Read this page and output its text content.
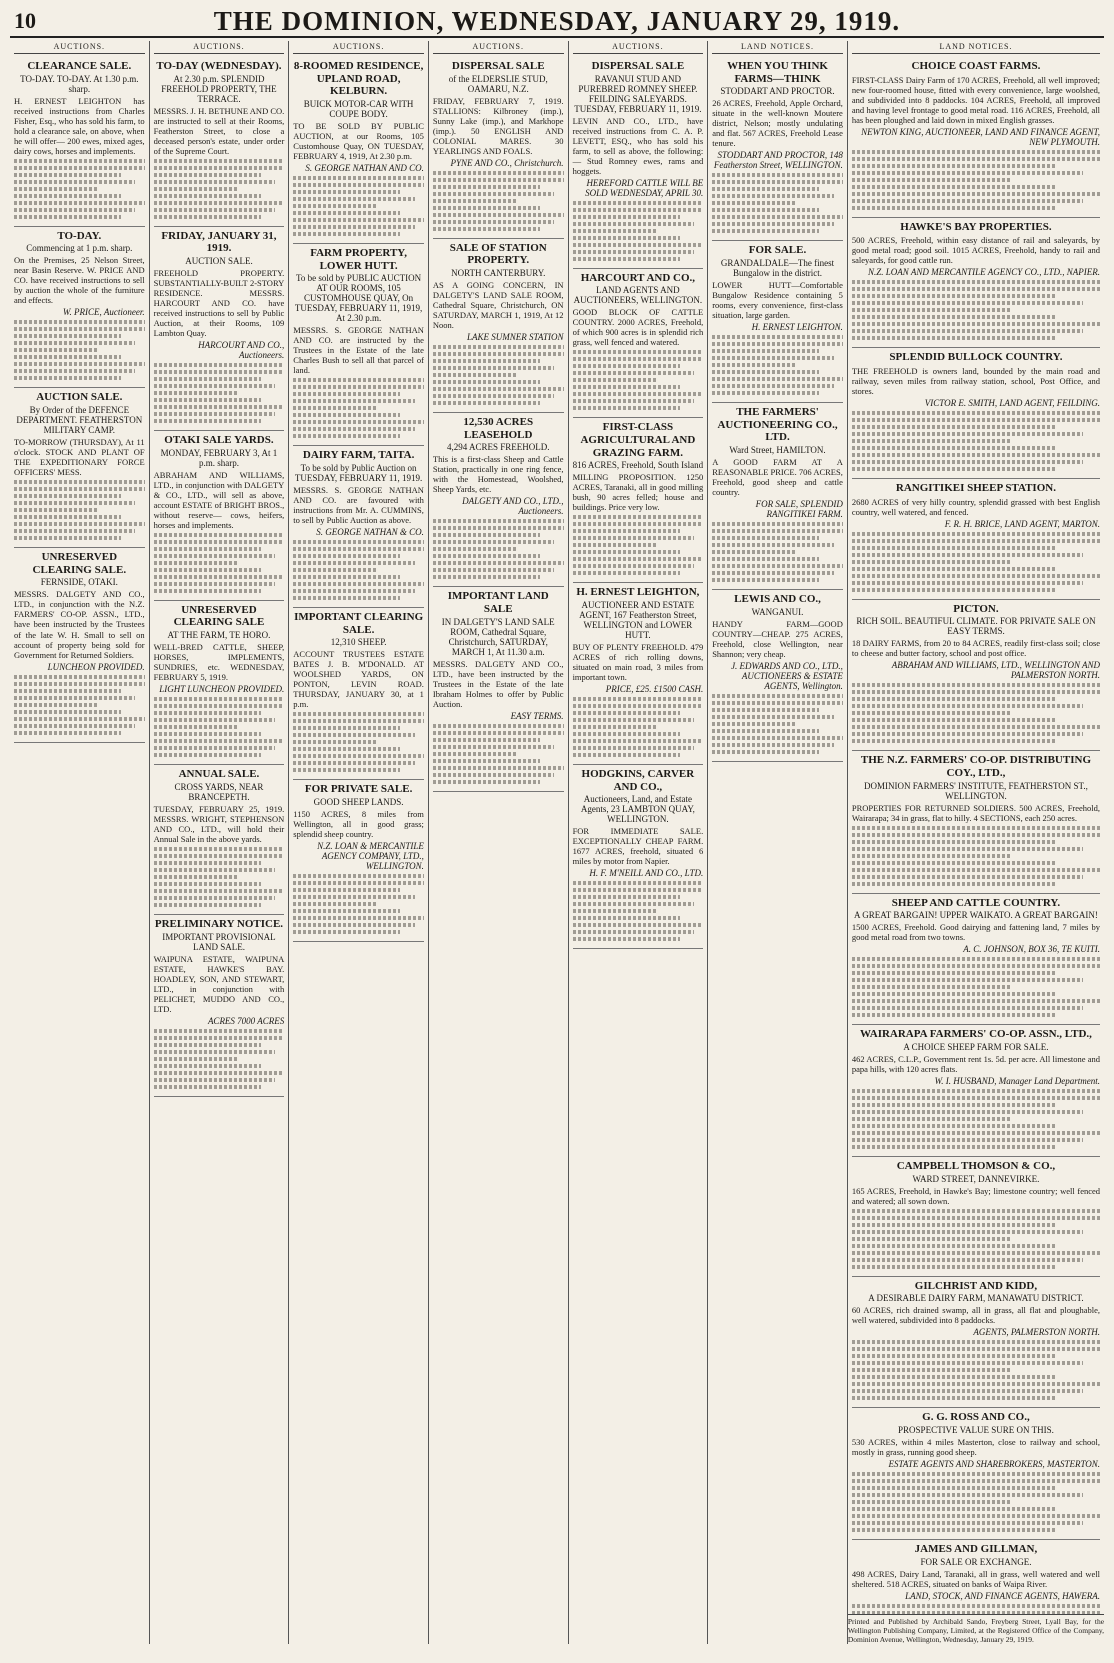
10	THE DOMINION, WEDNESDAY, JANUARY 29, 1919.
AUCTIONS.
CLEARANCE SALE.
TO-DAY. TO-DAY. At 1.30 p.m. sharp.
H. ERNEST LEIGHTON has received instructions from Charles Fisher, Esq., who has sold his farm, to hold a clearance sale, on above, when he will offer— 200 ewes, mixed ages, dairy cows, horses and implements.
TO-DAY.
Commencing at 1 p.m. sharp.
On the Premises, 25 Nelson Street, near Basin Reserve. W. PRICE AND CO. have received instructions to sell by auction the whole of the furniture and effects.
W. PRICE, Auctioneer.
AUCTION SALE.
By Order of the DEFENCE DEPARTMENT. FEATHERSTON MILITARY CAMP.
TO-MORROW (THURSDAY), At 11 o'clock. STOCK AND PLANT OF THE EXPEDITIONARY FORCE OFFICERS' MESS.
UNRESERVED CLEARING SALE.
FERNSIDE, OTAKI.
MESSRS. DALGETY AND CO., LTD., in conjunction with the N.Z. FARMERS' CO-OP. ASSN., LTD., have been instructed by the Trustees of the late W. H. Small to sell on account of property being sold for Government for Returned Soldiers.
LUNCHEON PROVIDED.
AUCTIONS.
TO-DAY (WEDNESDAY).
At 2.30 p.m. SPLENDID FREEHOLD PROPERTY, THE TERRACE.
MESSRS. J. H. BETHUNE AND CO. are instructed to sell at their Rooms, Featherston Street, to close a deceased person's estate, under order of the Supreme Court.
FRIDAY, JANUARY 31, 1919.
AUCTION SALE.
FREEHOLD PROPERTY. SUBSTANTIALLY-BUILT 2-STORY RESIDENCE. MESSRS. HARCOURT AND CO. have received instructions to sell by Public Auction, at their Rooms, 109 Lambton Quay.
HARCOURT AND CO., Auctioneers.
OTAKI SALE YARDS.
MONDAY, FEBRUARY 3, At 1 p.m. sharp.
ABRAHAM AND WILLIAMS, LTD., in conjunction with DALGETY & CO., LTD., will sell as above, account ESTATE of BRIGHT BROS., without reserve— cows, heifers, horses and implements.
UNRESERVED CLEARING SALE
AT THE FARM, TE HORO.
WELL-BRED CATTLE, SHEEP, HORSES, IMPLEMENTS, SUNDRIES, etc. WEDNESDAY, FEBRUARY 5, 1919.
LIGHT LUNCHEON PROVIDED.
ANNUAL SALE.
CROSS YARDS, NEAR BRANCEPETH.
TUESDAY, FEBRUARY 25, 1919. MESSRS. WRIGHT, STEPHENSON AND CO., LTD., will hold their Annual Sale in the above yards.
PRELIMINARY NOTICE.
IMPORTANT PROVISIONAL LAND SALE.
WAIPUNA ESTATE, WAIPUNA ESTATE, HAWKE'S BAY. HOADLEY, SON, AND STEWART, LTD., in conjunction with PELICHET, MUDDO AND CO., LTD.
ACRES 7000 ACRES
AUCTIONS.
8-ROOMED RESIDENCE, UPLAND ROAD, KELBURN.
BUICK MOTOR-CAR WITH COUPE BODY.
TO BE SOLD BY PUBLIC AUCTION, at our Rooms, 105 Customhouse Quay, ON TUESDAY, FEBRUARY 4, 1919, At 2.30 p.m.
S. GEORGE NATHAN AND CO.
FARM PROPERTY, LOWER HUTT.
To be sold by PUBLIC AUCTION AT OUR ROOMS, 105 CUSTOMHOUSE QUAY, On TUESDAY, FEBRUARY 11, 1919, At 2.30 p.m.
MESSRS. S. GEORGE NATHAN AND CO. are instructed by the Trustees in the Estate of the late Charles Bush to sell all that parcel of land.
DAIRY FARM, TAITA.
To be sold by Public Auction on TUESDAY, FEBRUARY 11, 1919.
MESSRS. S. GEORGE NATHAN AND CO. are favoured with instructions from Mr. A. CUMMINS, to sell by Public Auction as above.
S. GEORGE NATHAN & CO.
IMPORTANT CLEARING SALE.
12,310 SHEEP.
ACCOUNT TRUSTEES ESTATE BATES J. B. M'DONALD. AT WOOLSHED YARDS, ON PONTON, LEVIN ROAD. THURSDAY, JANUARY 30, at 1 p.m.
FOR PRIVATE SALE.
GOOD SHEEP LANDS.
1150 ACRES, 8 miles from Wellington, all in good grass; splendid sheep country.
N.Z. LOAN & MERCANTILE AGENCY COMPANY, LTD., WELLINGTON.
AUCTIONS.
DISPERSAL SALE
of the ELDERSLIE STUD, OAMARU, N.Z.
FRIDAY, FEBRUARY 7, 1919. STALLIONS: Kilbroney (imp.), Sunny Lake (imp.), and Markhope (imp.). 50 ENGLISH AND COLONIAL MARES. 30 YEARLINGS AND FOALS.
PYNE AND CO., Christchurch.
SALE OF STATION PROPERTY.
NORTH CANTERBURY.
AS A GOING CONCERN, IN DALGETY'S LAND SALE ROOM, Cathedral Square, Christchurch, ON SATURDAY, MARCH 1, 1919, At 12 Noon.
LAKE SUMNER STATION
12,530 ACRES LEASEHOLD
4,294 ACRES FREEHOLD.
This is a first-class Sheep and Cattle Station, practically in one ring fence, with the Homestead, Woolshed, Sheep Yards, etc.
DALGETY AND CO., LTD., Auctioneers.
IMPORTANT LAND SALE
IN DALGETY'S LAND SALE ROOM, Cathedral Square, Christchurch, SATURDAY, MARCH 1, At 11.30 a.m.
MESSRS. DALGETY AND CO., LTD., have been instructed by the Trustees in the Estate of the late Ibraham Holmes to offer by Public Auction.
EASY TERMS.
AUCTIONS.
DISPERSAL SALE
RAVANUI STUD AND PUREBRED ROMNEY SHEEP. FEILDING SALEYARDS. TUESDAY, FEBRUARY 11, 1919.
LEVIN AND CO., LTD., have received instructions from C. A. P. LEVETT, ESQ., who has sold his farm, to sell as above, the following:— Stud Romney ewes, rams and hoggets.
HEREFORD CATTLE WILL BE SOLD WEDNESDAY, APRIL 30.
HARCOURT AND CO.,
LAND AGENTS AND AUCTIONEERS, WELLINGTON.
GOOD BLOCK OF CATTLE COUNTRY. 2000 ACRES, Freehold, of which 900 acres is in splendid rich grass, well fenced and watered.
FIRST-CLASS AGRICULTURAL AND GRAZING FARM.
816 ACRES, Freehold, South Island
MILLING PROPOSITION. 1250 ACRES, Taranaki, all in good milling bush, 90 acres felled; house and buildings. Price very low.
H. ERNEST LEIGHTON,
AUCTIONEER AND ESTATE AGENT, 167 Featherston Street, WELLINGTON and LOWER HUTT.
BUY OF PLENTY FREEHOLD. 479 ACRES of rich rolling downs, situated on main road, 3 miles from important town.
PRICE, £25. £1500 CASH.
HODGKINS, CARVER AND CO.,
Auctioneers, Land, and Estate Agents, 23 LAMBTON QUAY, WELLINGTON.
FOR IMMEDIATE SALE. EXCEPTIONALLY CHEAP FARM. 1677 ACRES, freehold, situated 6 miles by motor from Napier.
H. F. M'NEILL AND CO., LTD.
LAND NOTICES.
WHEN YOU THINK FARMS—THINK
STODDART AND PROCTOR.
26 ACRES, Freehold, Apple Orchard, situate in the well-known Moutere district, Nelson; mostly undulating and flat. 567 ACRES, Freehold Lease tenure.
STODDART AND PROCTOR, 148 Featherston Street, WELLINGTON.
FOR SALE.
GRANDALDALE—The finest Bungalow in the district.
LOWER HUTT—Comfortable Bungalow Residence containing 5 rooms, every convenience, first-class situation, large garden.
H. ERNEST LEIGHTON.
THE FARMERS' AUCTIONEERING CO., LTD.
Ward Street, HAMILTON.
A GOOD FARM AT A REASONABLE PRICE. 706 ACRES, Freehold, good sheep and cattle country.
FOR SALE, SPLENDID RANGITIKEI FARM.
LEWIS AND CO.,
WANGANUI.
HANDY FARM—GOOD COUNTRY—CHEAP. 275 ACRES, Freehold, close Wellington, near Shannon; very cheap.
J. EDWARDS AND CO., LTD., AUCTIONEERS & ESTATE AGENTS, Wellington.
LAND NOTICES.
CHOICE COAST FARMS.
FIRST-CLASS Dairy Farm of 170 ACRES, Freehold, all well improved; new four-roomed house, fitted with every convenience, large woolshed, and subdivided into 8 paddocks. 104 ACRES, Freehold, all improved and having level frontage to good metal road. 116 ACRES, Freehold, all has been ploughed and laid down in mixed English grasses.
NEWTON KING, AUCTIONEER, LAND AND FINANCE AGENT, NEW PLYMOUTH.
HAWKE'S BAY PROPERTIES.
500 ACRES, Freehold, within easy distance of rail and saleyards, by good metal road; good soil. 1015 ACRES, Freehold, handy to rail and saleyards, for good cattle run.
N.Z. LOAN AND MERCANTILE AGENCY CO., LTD., NAPIER.
SPLENDID BULLOCK COUNTRY.
THE FREEHOLD is owners land, bounded by the main road and railway, seven miles from railway station, school, Post Office, and stores.
VICTOR E. SMITH, LAND AGENT, FEILDING.
RANGITIKEI SHEEP STATION.
2680 ACRES of very hilly country, splendid grassed with best English country, well watered, and fenced.
F. R. H. BRICE, LAND AGENT, MARTON.
PICTON.
RICH SOIL. BEAUTIFUL CLIMATE. FOR PRIVATE SALE ON EASY TERMS.
18 DAIRY FARMS, from 20 to 84 ACRES, readily first-class soil; close to cheese and butter factory, school and post office.
ABRAHAM AND WILLIAMS, LTD., WELLINGTON AND PALMERSTON NORTH.
THE N.Z. FARMERS' CO-OP. DISTRIBUTING COY., LTD.,
DOMINION FARMERS' INSTITUTE, FEATHERSTON ST., WELLINGTON.
PROPERTIES FOR RETURNED SOLDIERS. 500 ACRES, Freehold, Wairarapa; 34 in grass, flat to hilly. 4 SECTIONS, each 250 acres.
SHEEP AND CATTLE COUNTRY.
A GREAT BARGAIN! UPPER WAIKATO. A GREAT BARGAIN!
1500 ACRES, Freehold. Good dairying and fattening land, 7 miles by good metal road from two towns.
A. C. JOHNSON, BOX 36, TE KUITI.
WAIRARAPA FARMERS' CO-OP. ASSN., LTD.,
A CHOICE SHEEP FARM FOR SALE.
462 ACRES, C.L.P., Government rent 1s. 5d. per acre. All limestone and papa hills, with 120 acres flats.
W. I. HUSBAND, Manager Land Department.
CAMPBELL THOMSON & CO.,
WARD STREET, DANNEVIRKE.
165 ACRES, Freehold, in Hawke's Bay; limestone country; well fenced and watered; all sown down.
GILCHRIST AND KIDD,
A DESIRABLE DAIRY FARM, MANAWATU DISTRICT.
60 ACRES, rich drained swamp, all in grass, all flat and ploughable, well watered, subdivided into 8 paddocks.
AGENTS, PALMERSTON NORTH.
G. G. ROSS AND CO.,
PROSPECTIVE VALUE SURE ON THIS.
530 ACRES, within 4 miles Masterton, close to railway and school, mostly in grass, running good sheep.
ESTATE AGENTS AND SHAREBROKERS, MASTERTON.
JAMES AND GILLMAN,
FOR SALE OR EXCHANGE.
498 ACRES, Dairy Land, Taranaki, all in grass, well watered and well sheltered. 518 ACRES, situated on banks of Waipa River.
LAND, STOCK, AND FINANCE AGENTS, HAWERA.
Printed and Published by Archibald Sando, Freyberg Street, Lyall Bay, for the Wellington Publishing Company, Limited, at the Registered Office of the Company, Dominion Avenue, Wellington, Wednesday, January 29, 1919.
